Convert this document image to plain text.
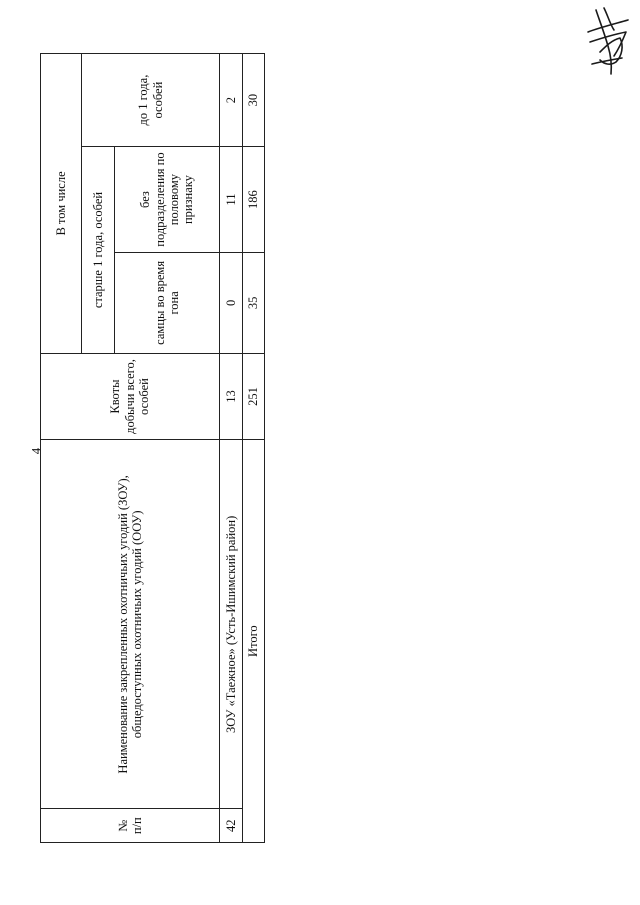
4
№ п/п	Наименование закрепленных охотничьих угодий (ЗОУ), общедоступных охотничьих угодий (ООУ)	Квоты добычи всего, особей	В том числе		
			старше 1 года, особей		до 1 года, особей
			самцы во время гона	без подразделения по половому признаку	
42	ЗОУ «Таежное» (Усть-Ишимский район)	13	0	11	2
Итого		251	35	186	30
